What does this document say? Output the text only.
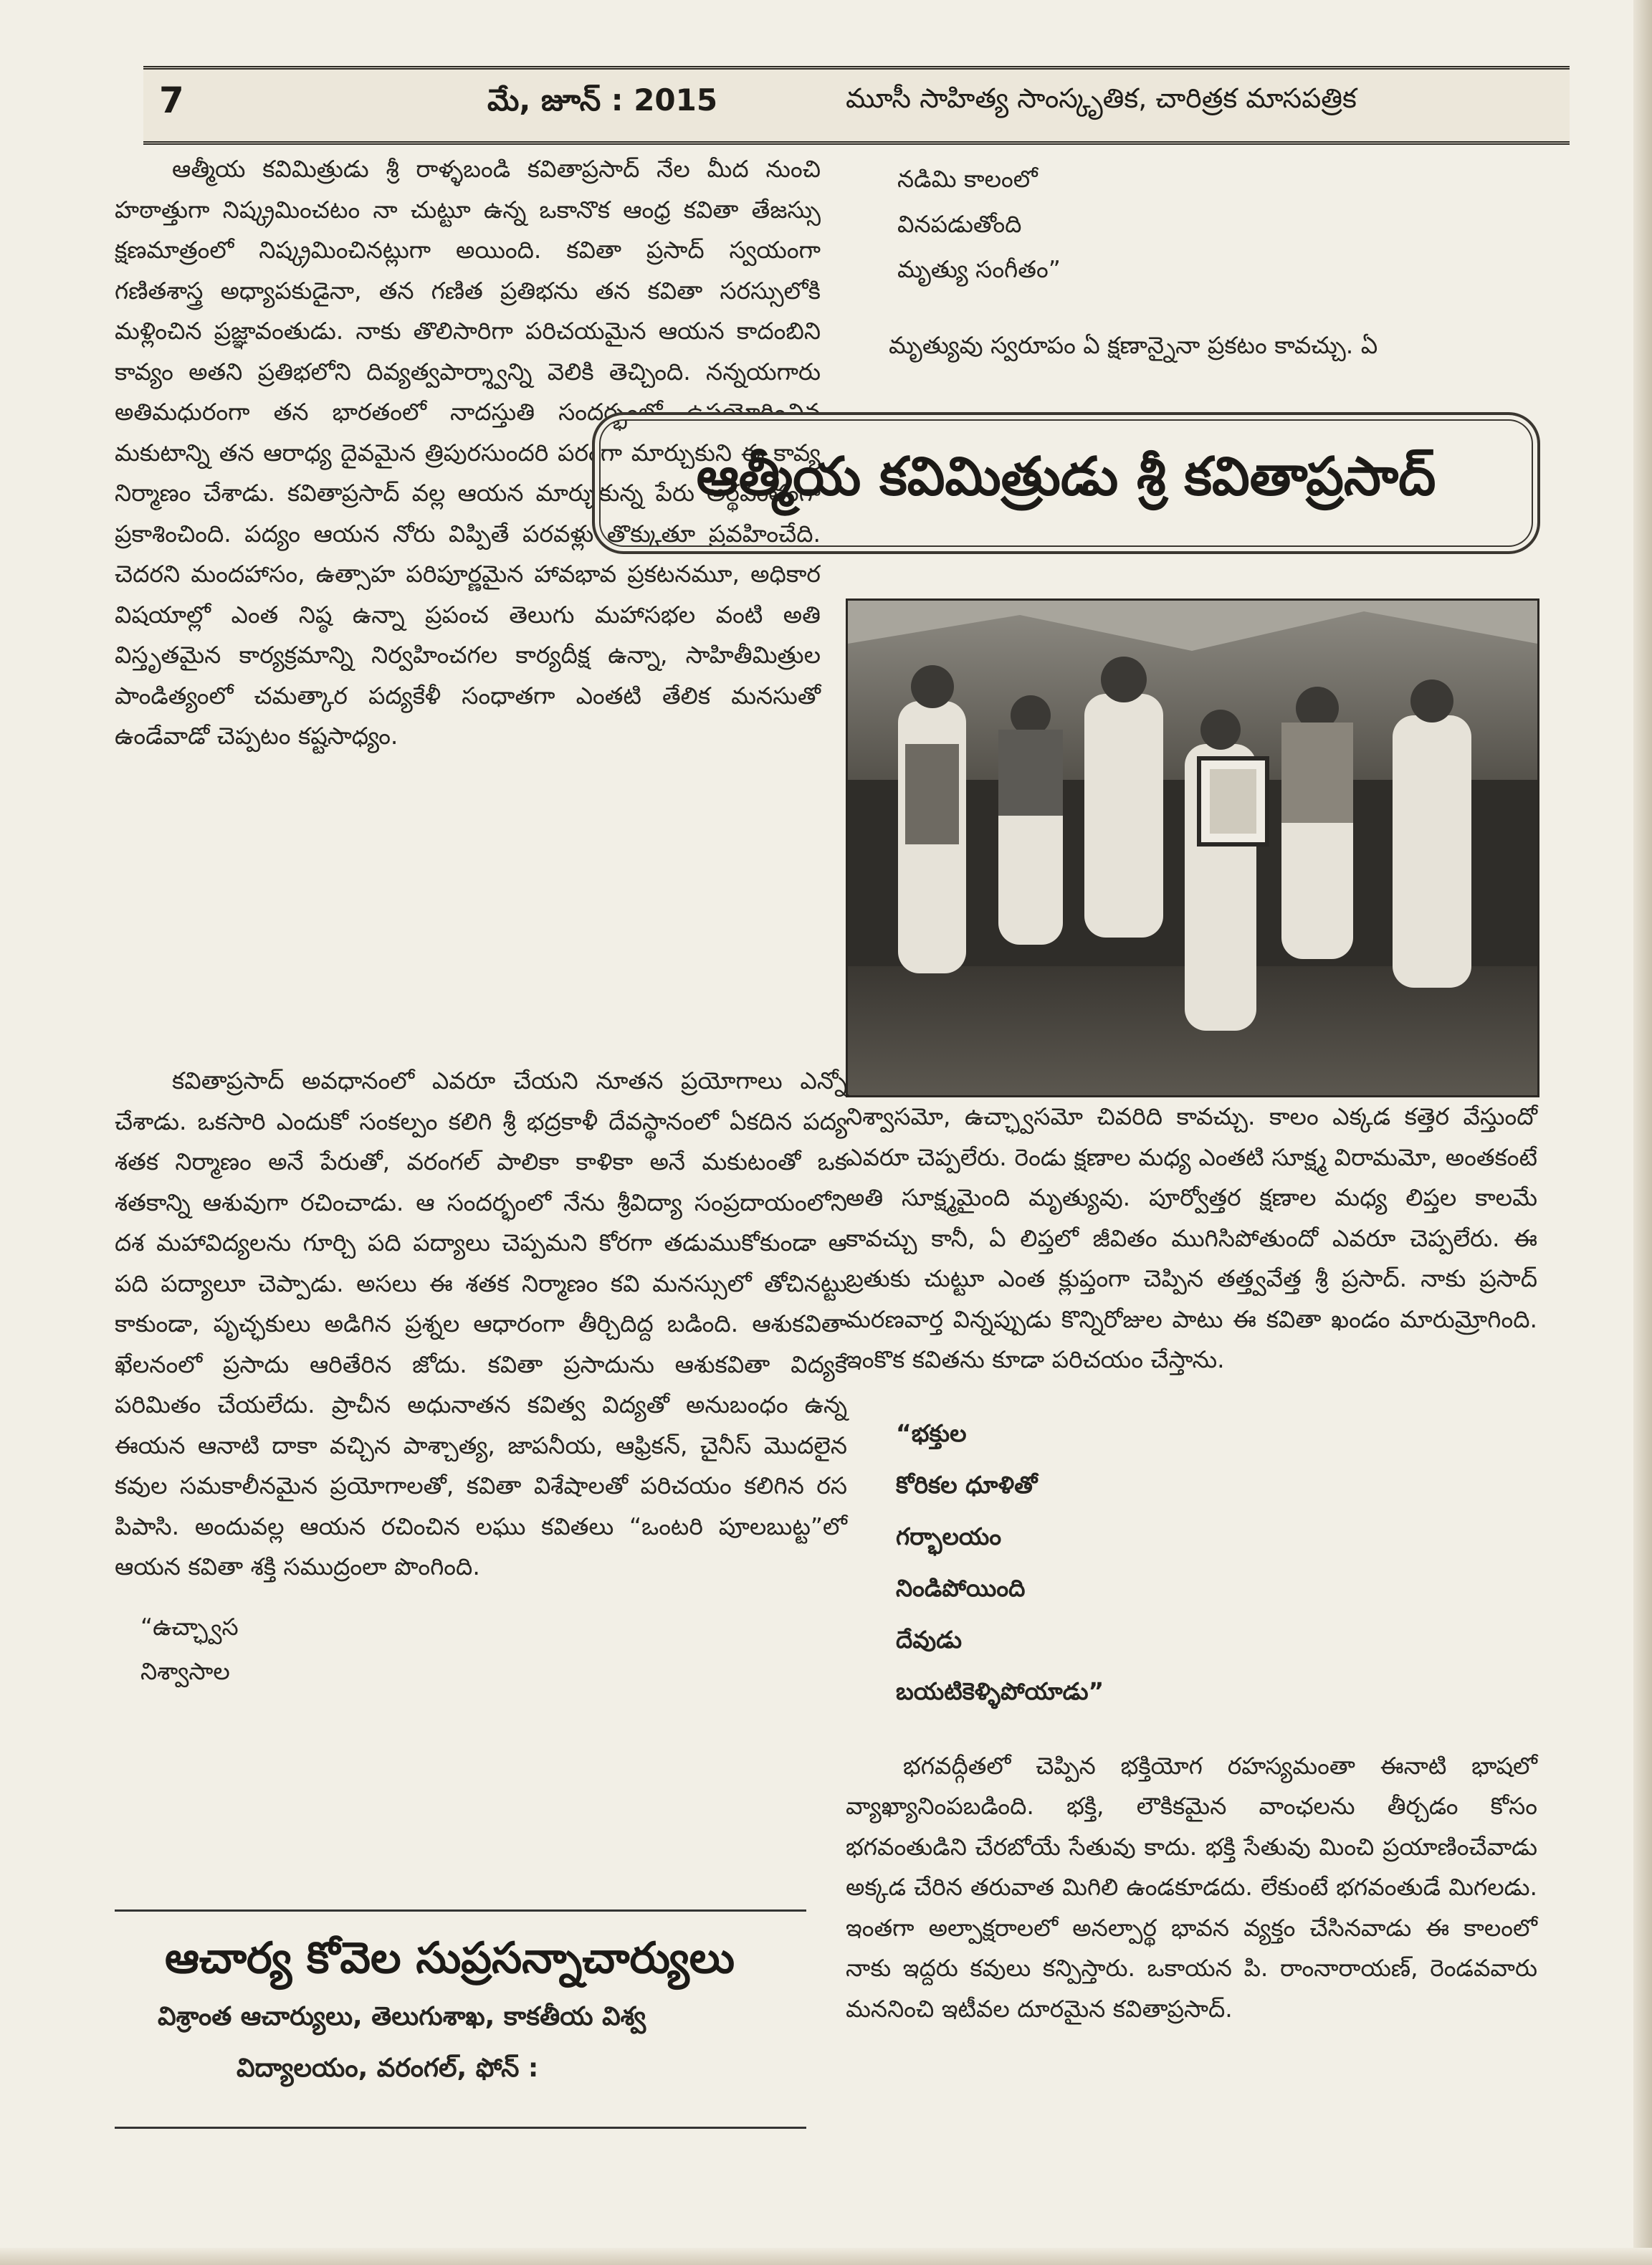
7	మే, జూన్ : 2015	మూసీ సాహిత్య సాంస్కృతిక, చారిత్రక మాసపత్రిక

ఆత్మీయ కవిమిత్రుడు శ్రీ రాళ్ళబండి కవితాప్రసాద్ నేల మీద నుంచి హఠాత్తుగా నిష్క్రమించటం నా చుట్టూ ఉన్న ఒకానొక ఆంధ్ర కవితా తేజస్సు క్షణమాత్రంలో నిష్క్రమించినట్లుగా అయింది. కవితా ప్రసాద్ స్వయంగా గణితశాస్త్ర అధ్యాపకుడైనా, తన గణిత ప్రతిభను తన కవితా సరస్సులోకి మళ్లించిన ప్రజ్ఞావంతుడు. నాకు తొలిసారిగా పరిచయమైన ఆయన కాదంబిని కావ్యం అతని ప్రతిభలోని దివ్యత్వపార్శ్వాన్ని వెలికి తెచ్చింది. నన్నయగారు అతిమధురంగా తన భారతంలో నాదస్తుతి సందర్భంలో ఉపయోగించిన మకుటాన్ని తన ఆరాధ్య దైవమైన త్రిపురసుందరి పరంగా మార్చుకుని ఈ కావ్య నిర్మాణం చేశాడు. కవితాప్రసాద్ వల్ల ఆయన మార్చుకున్న పేరు అర్థవంతంగా ప్రకాశించింది. పద్యం ఆయన నోరు విప్పితే పరవళ్లు తొక్కుతూ ప్రవహించేది. చెదరని మందహాసం, ఉత్సాహ పరిపూర్ణమైన హావభావ ప్రకటనమూ, అధికార విషయాల్లో ఎంత నిష్ఠ ఉన్నా ప్రపంచ తెలుగు మహాసభల వంటి అతి విస్తృతమైన కార్యక్రమాన్ని నిర్వహించగల కార్యదీక్ష ఉన్నా, సాహితీమిత్రుల పాండిత్యంలో చమత్కార పద్యకేళీ సంధాతగా ఎంతటి తేలిక మనసుతో ఉండేవాడో చెప్పటం కష్టసాధ్యం.

ఆత్మీయ కవిమిత్రుడు శ్రీ కవితాప్రసాద్
నడిమి కాలంలో
వినపడుతోంది
మృత్యు సంగీతం”
మృత్యువు స్వరూపం ఏ క్షణాన్నైనా ప్రకటం కావచ్చు. ఏ

కవితాప్రసాద్ అవధానంలో ఎవరూ చేయని నూతన ప్రయోగాలు ఎన్నో చేశాడు. ఒకసారి ఎందుకో సంకల్పం కలిగి శ్రీ భద్రకాళీ దేవస్థానంలో ఏకదిన పద్య శతక నిర్మాణం అనే పేరుతో, వరంగల్ పాలికా కాళికా అనే మకుటంతో ఒక శతకాన్ని ఆశువుగా రచించాడు. ఆ సందర్భంలో నేను శ్రీవిద్యా సంప్రదాయంలోని దశ మహావిద్యలను గూర్చి పది పద్యాలు చెప్పమని కోరగా తడుముకోకుండా ఆ పది పద్యాలూ చెప్పాడు. అసలు ఈ శతక నిర్మాణం కవి మనస్సులో తోచినట్టు కాకుండా, పృచ్ఛకులు అడిగిన ప్రశ్నల ఆధారంగా తీర్చిదిద్ద బడింది. ఆశుకవితా ఖేలనంలో ప్రసాదు ఆరితేరిన జోదు. కవితా ప్రసాదును ఆశుకవితా విద్యకే పరిమితం చేయలేదు. ప్రాచీన అధునాతన కవిత్వ విద్యతో అనుబంధం ఉన్న ఈయన ఆనాటి దాకా వచ్చిన పాశ్చాత్య, జాపనీయ, ఆఫ్రికన్, చైనీస్ మొదలైన కవుల సమకాలీనమైన ప్రయోగాలతో, కవితా విశేషాలతో పరిచయం కలిగిన రస పిపాసి. అందువల్ల ఆయన రచించిన లఘు కవితలు “ఒంటరి పూలబుట్ట”లో ఆయన కవితా శక్తి సముద్రంలా పొంగింది.

“ఉచ్ఛ్వాస
నిశ్వాసాల

నిశ్వాసమో, ఉచ్ఛ్వాసమో చివరిది కావచ్చు. కాలం ఎక్కడ కత్తెర వేస్తుందో ఎవరూ చెప్పలేరు. రెండు క్షణాల మధ్య ఎంతటి సూక్ష్మ విరామమో, అంతకంటే అతి సూక్ష్మమైంది మృత్యువు. పూర్వోత్తర క్షణాల మధ్య లిప్తల కాలమే కావచ్చు కానీ, ఏ లిప్తలో జీవితం ముగిసిపోతుందో ఎవరూ చెప్పలేరు. ఈ బ్రతుకు చుట్టూ ఎంత క్లుప్తంగా చెప్పిన తత్త్వవేత్త శ్రీ ప్రసాద్. నాకు ప్రసాద్ మరణవార్త విన్నప్పుడు కొన్నిరోజుల పాటు ఈ కవితా ఖండం మారుమ్రోగింది. ఇంకొక కవితను కూడా పరిచయం చేస్తాను.

“భక్తుల
కోరికల ధూళితో
గర్భాలయం
నిండిపోయింది
దేవుడు
బయటికెళ్ళిపోయాడు”

భగవద్గీతలో చెప్పిన భక్తియోగ రహస్యమంతా ఈనాటి భాషలో వ్యాఖ్యానింపబడింది. భక్తి, లౌకికమైన వాంఛలను తీర్చడం కోసం భగవంతుడిని చేరబోయే సేతువు కాదు. భక్తి సేతువు మించి ప్రయాణించేవాడు అక్కడ చేరిన తరువాత మిగిలి ఉండకూడదు. లేకుంటే భగవంతుడే మిగలడు. ఇంతగా అల్పాక్షరాలలో అనల్పార్థ భావన వ్యక్తం చేసినవాడు ఈ కాలంలో నాకు ఇద్దరు కవులు కన్పిస్తారు. ఒకాయన పి. రాంనారాయణ్, రెండవవారు మననించి ఇటీవల దూరమైన కవితాప్రసాద్.

ఆచార్య కోవెల సుప్రసన్నాచార్యులు
విశ్రాంత ఆచార్యులు, తెలుగుశాఖ, కాకతీయ విశ్వ
విద్యాలయం, వరంగల్, ఫోన్ :
